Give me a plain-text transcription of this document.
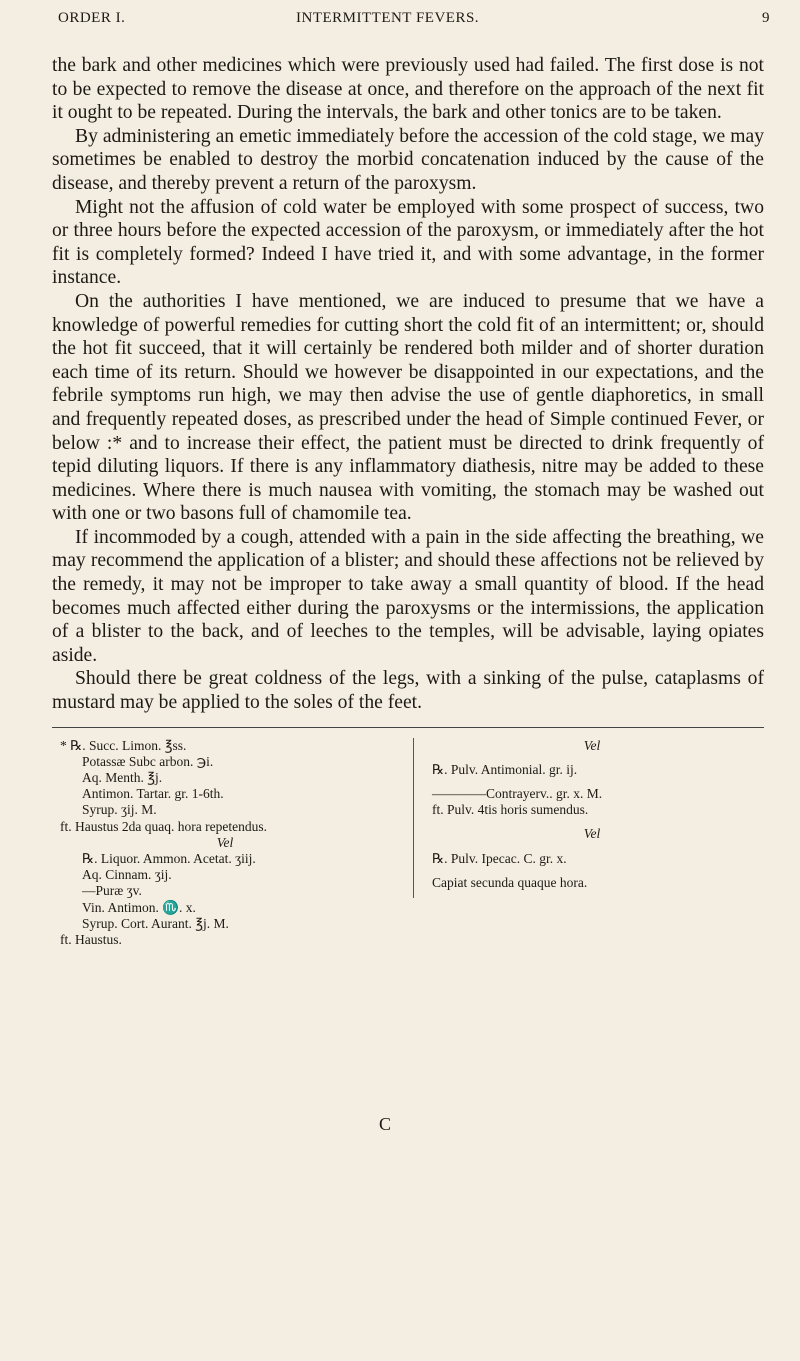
ORDER I.	INTERMITTENT FEVERS.	9

the bark and other medicines which were previously used had failed. The first dose is not to be expected to remove the disease at once, and therefore on the approach of the next fit it ought to be repeated. During the intervals, the bark and other tonics are to be taken.

By administering an emetic immediately before the accession of the cold stage, we may sometimes be enabled to destroy the morbid concatenation induced by the cause of the disease, and thereby prevent a return of the paroxysm.

Might not the affusion of cold water be employed with some prospect of success, two or three hours before the expected accession of the paroxysm, or immediately after the hot fit is completely formed? Indeed I have tried it, and with some advantage, in the former instance.

On the authorities I have mentioned, we are induced to presume that we have a knowledge of powerful remedies for cutting short the cold fit of an intermittent; or, should the hot fit succeed, that it will certainly be rendered both milder and of shorter duration each time of its return. Should we however be disappointed in our expectations, and the febrile symptoms run high, we may then advise the use of gentle diaphoretics, in small and frequently repeated doses, as prescribed under the head of Simple continued Fever, or below :* and to increase their effect, the patient must be directed to drink frequently of tepid diluting liquors. If there is any inflammatory diathesis, nitre may be added to these medicines. Where there is much nausea with vomiting, the stomach may be washed out with one or two basons full of chamomile tea.

If incommoded by a cough, attended with a pain in the side affecting the breathing, we may recommend the application of a blister; and should these affections not be relieved by the remedy, it may not be improper to take away a small quantity of blood. If the head becomes much affected either during the paroxysms or the intermissions, the application of a blister to the back, and of leeches to the temples, will be advisable, laying opiates aside.

Should there be great coldness of the legs, with a sinking of the pulse, cataplasms of mustard may be applied to the soles of the feet.

* ℞. Succ. Limon. ℥ss.
Potassæ Subc arbon. ℈i.
Aq. Menth. ℥j.
Antimon. Tartar. gr. 1-6th.
Syrup. ʒij. M.
ft. Haustus 2da quaq. hora repetendus.
Vel
℞. Liquor. Ammon. Acetat. ʒiij.
Aq. Cinnam. ʒij.
—Puræ ʒv.
Vin. Antimon. ♏. x.
Syrup. Cort. Aurant. ℥j. M.
ft. Haustus.
Vel
℞. Pulv. Antimonial. gr. ij.
————Contrayerv.. gr. x. M.
ft. Pulv. 4tis horis sumendus.
Vel
℞. Pulv. Ipecac. C. gr. x.
Capiat secunda quaque hora.
C
